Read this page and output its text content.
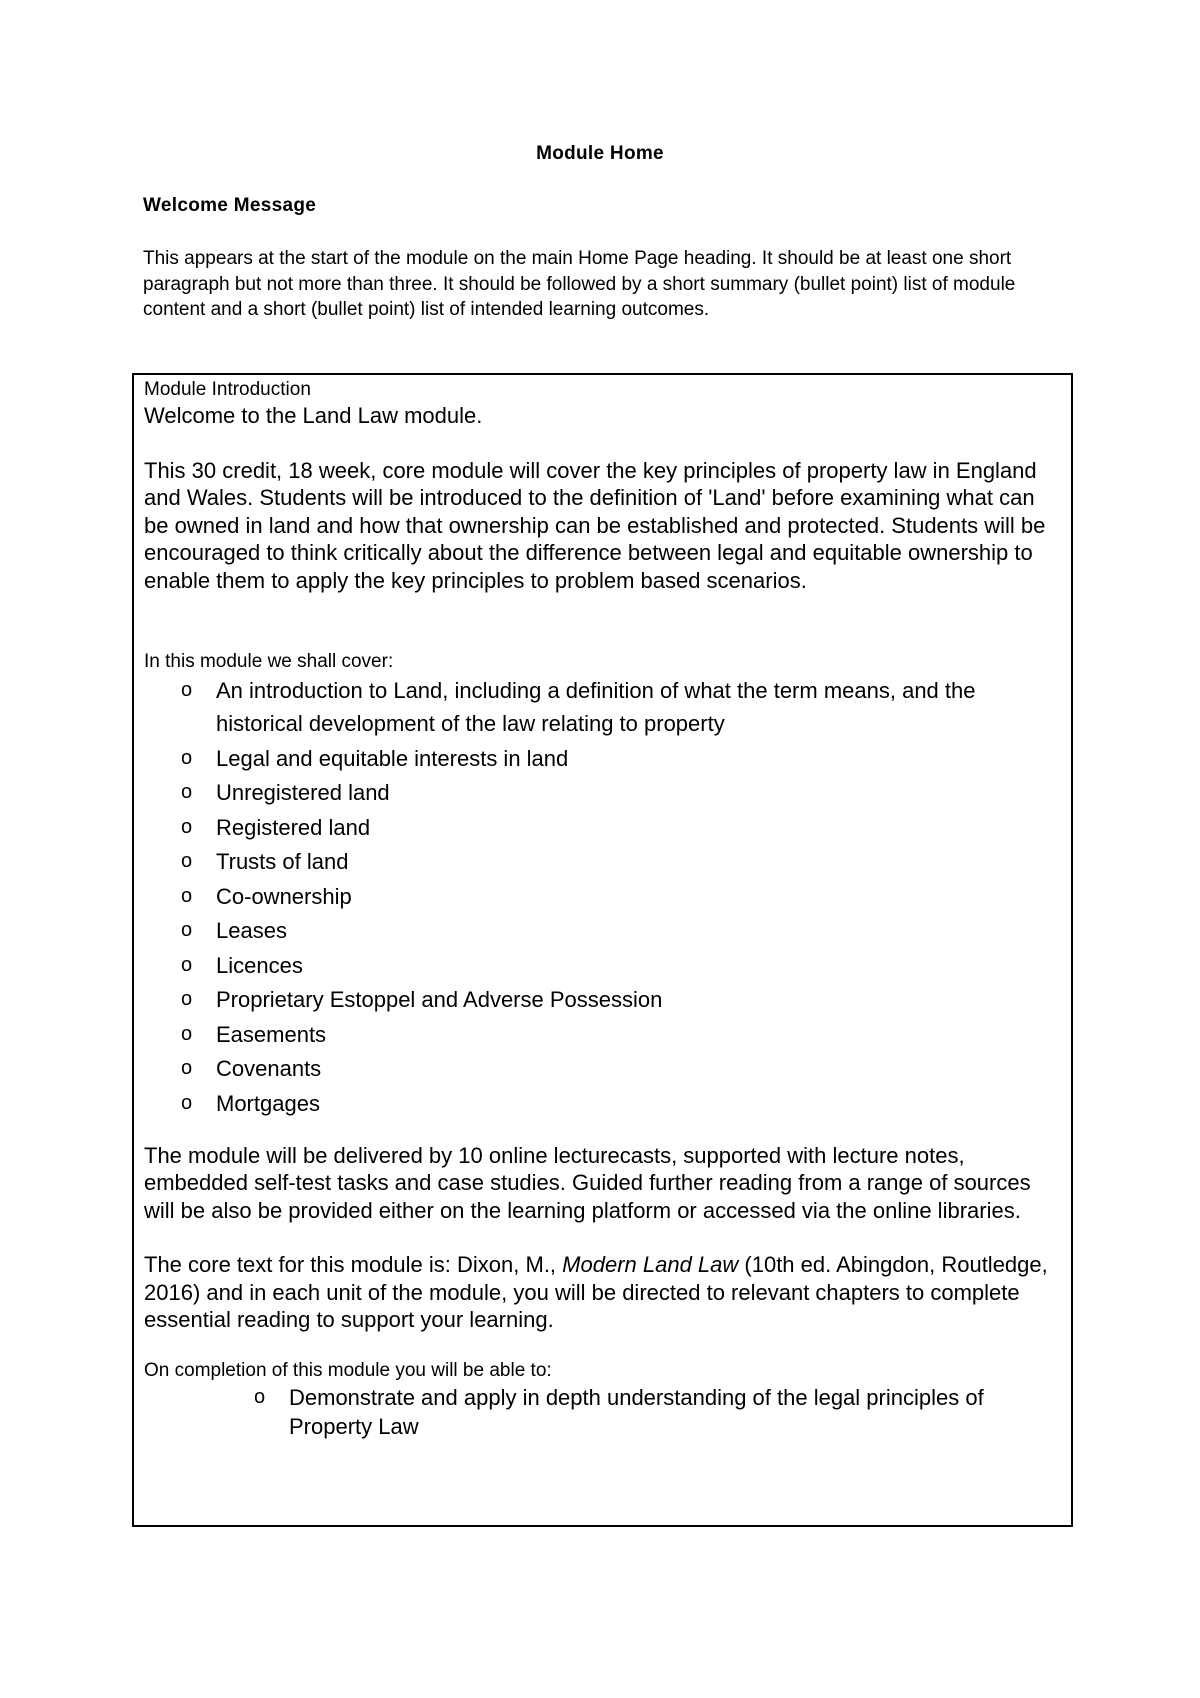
Module Home
Welcome Message
This appears at the start of the module on the main Home Page heading. It should be at least one short paragraph but not more than three. It should be followed by a short summary (bullet point) list of module content and a short (bullet point) list of intended learning outcomes.
Module Introduction

Welcome to the Land Law module.

This 30 credit, 18 week, core module will cover the key principles of property law in England and Wales. Students will be introduced to the definition of 'Land' before examining what can be owned in land and how that ownership can be established and protected. Students will be encouraged to think critically about the difference between legal and equitable ownership to enable them to apply the key principles to problem based scenarios.

In this module we shall cover:
o An introduction to Land, including a definition of what the term means, and the historical development of the law relating to property
o Legal and equitable interests in land
o Unregistered land
o Registered land
o Trusts of land
o Co-ownership
o Leases
o Licences
o Proprietary Estoppel and Adverse Possession
o Easements
o Covenants
o Mortgages

The module will be delivered by 10 online lecturecasts, supported with lecture notes, embedded self-test tasks and case studies. Guided further reading from a range of sources will be also be provided either on the learning platform or accessed via the online libraries.

The core text for this module is: Dixon, M., Modern Land Law (10th ed. Abingdon, Routledge, 2016) and in each unit of the module, you will be directed to relevant chapters to complete essential reading to support your learning.

On completion of this module you will be able to:
o Demonstrate and apply in depth understanding of the legal principles of Property Law
